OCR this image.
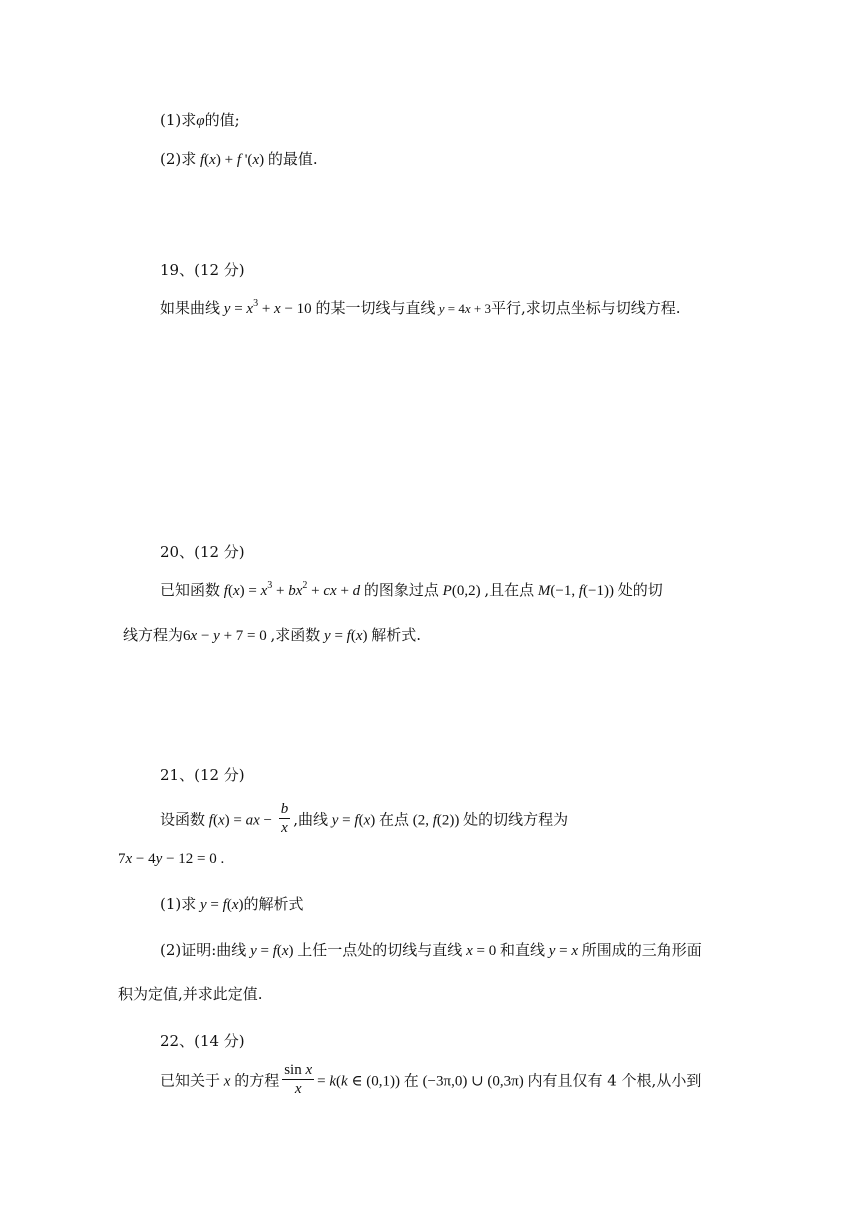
(1)求φ的值;
(2)求 f(x) + f '(x) 的最值.
19、(12 分)
如果曲线 $y = x^3 + x - 10$ 的某一切线与直线 y = 4x + 3平行,求切点坐标与切线方程.
20、(12 分)
已知函数 $f(x) = x^3 + bx^2$ + cx + d 的图象过点 P(0,2) ,且在点 M(−1, f(−1)) 处的切
线方程为6x − y + 7 = 0 ,求函数 y = f(x) 解析式.
21、(12 分)
设函数 f(x) = ax − $\frac{b}{x}$ ,曲线 y = f(x) 在点 (2, f(2)) 处的切线方程为
7x − 4y − 12 = 0 .
(1)求 y = f(x)的解析式
(2)证明:曲线 y = f(x) 上任一点处的切线与直线 x = 0 和直线 y = x 所围成的三角形面
积为定值,并求此定值.
22、(14 分)
已知关于 x 的方程 $\frac{\text{sin x}}{x} = k(k$ ∈ (0,1)) 在 (−3π,0) ∪ (0,3π) 内有且仅有 4 个根,从小到
